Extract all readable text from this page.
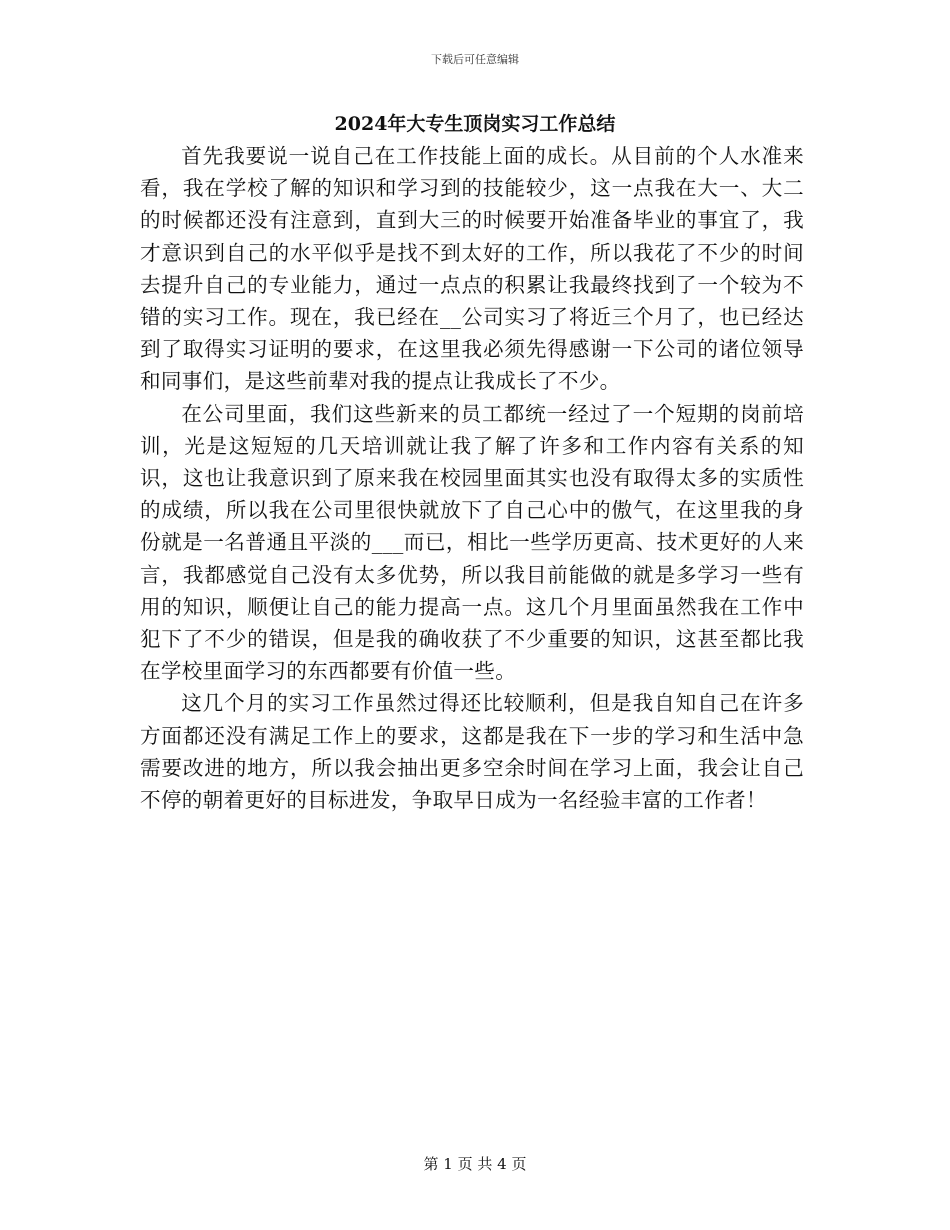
下载后可任意编辑
2024年大专生顶岗实习工作总结

首先我要说一说自己在工作技能上面的成长。从目前的个人水准来看，我在学校了解的知识和学习到的技能较少，这一点我在大一、大二的时候都还没有注意到，直到大三的时候要开始准备毕业的事宜了，我才意识到自己的水平似乎是找不到太好的工作，所以我花了不少的时间去提升自己的专业能力，通过一点点的积累让我最终找到了一个较为不错的实习工作。现在，我已经在__公司实习了将近三个月了，也已经达到了取得实习证明的要求，在这里我必须先得感谢一下公司的诸位领导和同事们，是这些前辈对我的提点让我成长了不少。

在公司里面，我们这些新来的员工都统一经过了一个短期的岗前培训，光是这短短的几天培训就让我了解了许多和工作内容有关系的知识，这也让我意识到了原来我在校园里面其实也没有取得太多的实质性的成绩，所以我在公司里很快就放下了自己心中的傲气，在这里我的身份就是一名普通且平淡的___而已，相比一些学历更高、技术更好的人来言，我都感觉自己没有太多优势，所以我目前能做的就是多学习一些有用的知识，顺便让自己的能力提高一点。这几个月里面虽然我在工作中犯下了不少的错误，但是我的确收获了不少重要的知识，这甚至都比我在学校里面学习的东西都要有价值一些。

这几个月的实习工作虽然过得还比较顺利，但是我自知自己在许多方面都还没有满足工作上的要求，这都是我在下一步的学习和生活中急需要改进的地方，所以我会抽出更多空余时间在学习上面，我会让自己不停的朝着更好的目标进发，争取早日成为一名经验丰富的工作者！

第 1 页 共 4 页
